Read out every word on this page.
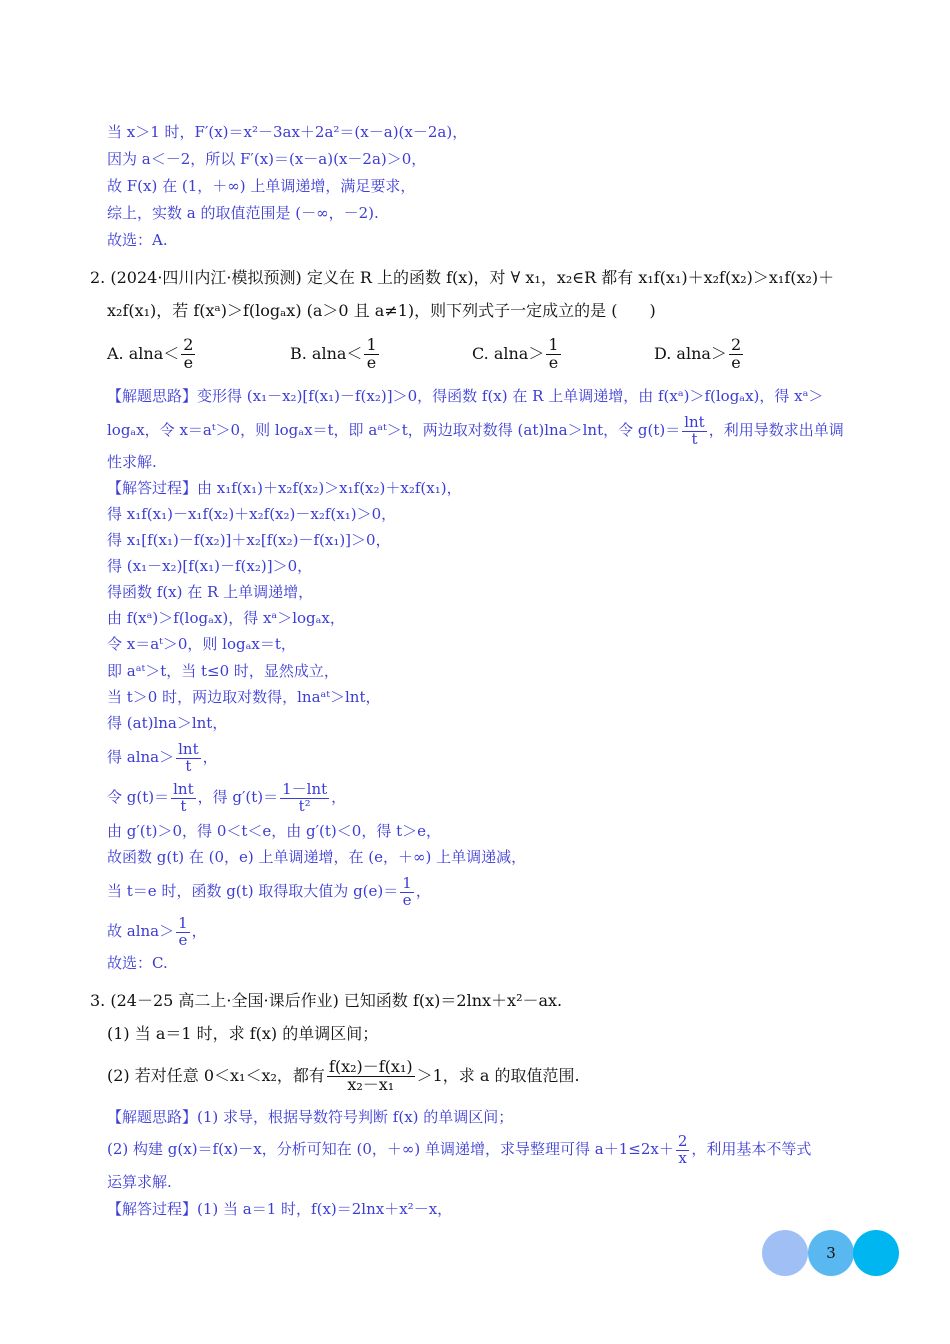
当 x＞1 时，F′(x)＝x²－3ax＋2a²＝(x－a)(x－2a)，
因为 a＜－2，所以 F′(x)＝(x－a)(x－2a)＞0，
故 F(x) 在 (1，＋∞) 上单调递增，满足要求，
综上，实数 a 的取值范围是 (－∞，－2).
故选：A.
2. (2024·四川内江·模拟预测) 定义在 R 上的函数 f(x)，对 ∀ x₁，x₂∈R 都有 x₁f(x₁)＋x₂f(x₂)＞x₁f(x₂)＋
x₂f(x₁)，若 f(xᵃ)＞f(logₐx) (a＞0 且 a≠1)，则下列式子一定成立的是 (　　)
A. $alna< \frac{2}{e}$	B. $alna< \frac{1}{e}$	C. $alna> \frac{1}{e}$	D. $alna> \frac{2}{e}$
【解题思路】变形得 (x₁－x₂)[f(x₁)－f(x₂)]＞0，得函数 f(x) 在 R 上单调递增，由 f(xᵃ)＞f(logₐx)，得 xᵃ＞
logₐx，令 x＝aᵗ＞0，则 logₐx＝t，即 aᵃᵗ＞t，两边取对数得 (at)lna＞lnt，令 $g(t)= \frac{\ln t}{t}$ ，利用导数求出单调
性求解.
【解答过程】由 x₁f(x₁)＋x₂f(x₂)＞x₁f(x₂)＋x₂f(x₁)，
得 x₁f(x₁)－x₁f(x₂)＋x₂f(x₂)－x₂f(x₁)＞0，
得 x₁[f(x₁)－f(x₂)]＋x₂[f(x₂)－f(x₁)]＞0，
得 (x₁－x₂)[f(x₁)－f(x₂)]＞0，
得函数 f(x) 在 R 上单调递增，
由 f(xᵃ)＞f(logₐx)，得 xᵃ＞logₐx，
令 x＝aᵗ＞0，则 logₐx＝t，
即 aᵃᵗ＞t，当 t≤0 时，显然成立，
当 t＞0 时，两边取对数得，lnaᵃᵗ＞lnt，
得 (at)lna＞lnt，
得 $alna> \frac{\ln t}{t}$ ，
令 $g(t)= \frac{\ln t}{t}$ ，得 $g'(t)= \frac{1-\ln t}{\text{t²}}$ ，
由 g′(t)＞0，得 0＜t＜e，由 g′(t)＜0，得 t＞e，
故函数 g(t) 在 (0，e) 上单调递增，在 (e，＋∞) 上单调递减，
当 t＝e 时，函数 g(t) 取得取大值为 $g(e)= \frac{1}{e}$ ，
故 $alna> \frac{1}{e}$ ，
故选：C.
3. (24－25 高二上·全国·课后作业) 已知函数 f(x)＝2lnx＋x²－ax.
(1) 当 a＝1 时，求 f(x) 的单调区间；
(2) 若对任意 0＜x₁＜x₂，都有 $\frac{\text{f(x₂)－f(x₁)}}{\text{x₂－x₁}} >1$，求 a 的取值范围.
【解题思路】(1) 求导，根据导数符号判断 f(x) 的单调区间；
(2) 构建 g(x)＝f(x)－x，分析可知在 (0，＋∞) 单调递增，求导整理可得 $a+1\le 2x+ \frac{2}{x}$ ，利用基本不等式
运算求解.
【解答过程】(1) 当 a＝1 时，f(x)＝2lnx＋x²－x，
3
